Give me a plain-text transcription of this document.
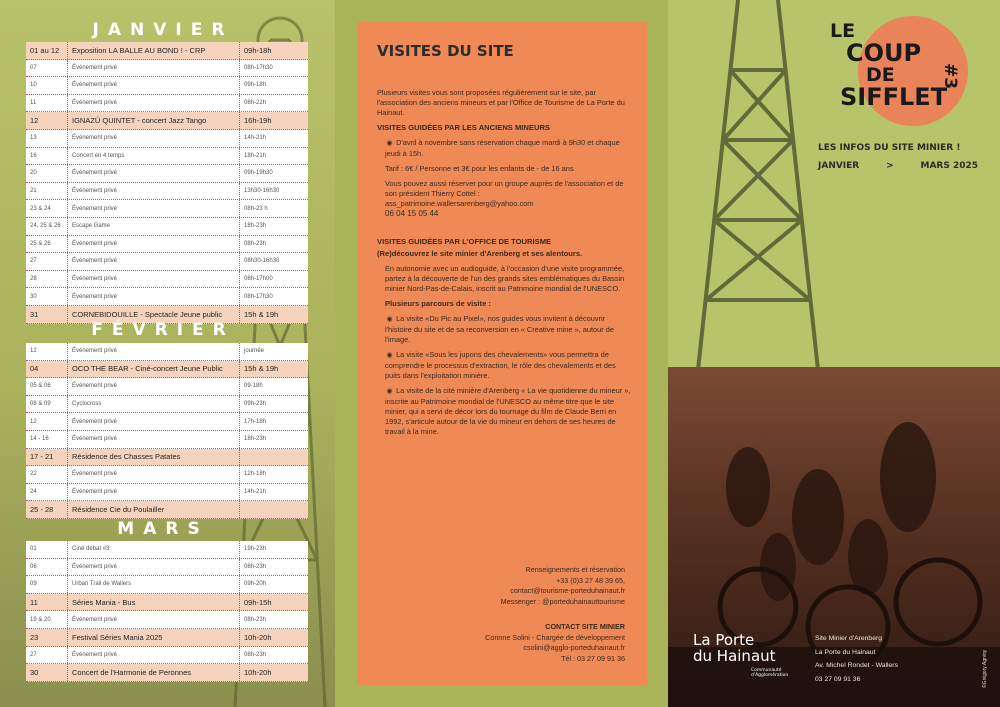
JANVIER
01 au 12	Exposition LA BALLE AU BOND ! - CRP	09h-18h
07	Événement privé	08h-17h30
10	Événement privé	09h-18h
11	Événement privé	08h-22h
12	IGNAZÚ QUINTET - concert Jazz Tango	16h-19h
13	Événement privé	14h-21h
16	Concert en 4 temps	18h-21h
20	Événement privé	09h-19h30
21	Événement privé	13h30-16h30
23 & 24	Événement privé	08h-23 h
24, 25 & 26	Escape Game	18h-23h
25 & 26	Événement privé	08h-23h
27	Événement privé	08h30-16h30
28	Événement privé	08h-17h00
30	Événement privé	08h-17h30
31	CORNEBIDOUILLE - Spectacle Jeune public	15h & 19h
FÉVRIER
12	Événement privé	journée
04	OCO THE BEAR - Ciné-concert Jeune Public	15h & 19h
05 & 06	Événement privé	09-18h
08 & 09	Cyclocross	09h-23h
12	Événement privé	17h-18h
14 - 16	Événement privé	18h-23h
17 - 21	Résidence des Chasses Patates
22	Événement privé	12h-18h
24	Événement privé	14h-21h
25 - 28	Résidence Cie du Poulailler
MARS
01	Ciné débat #3	19h-23h
06	Événement privé	08h-23h
09	Urban Trail de Wallers	09h-20h
11	Séries Mania - Bus	09h-15h
19 & 20	Événement privé	08h-23h
23	Festival Séries Mania 2025	10h-20h
27	Événement privé	08h-23h
30	Concert de l'Harmonie de Peronnes	10h-20h
VISITES DU SITE

Plusieurs visites vous sont proposées régulièrement sur le site, par l'association des anciens mineurs et par l'Office de Tourisme de La Porte du Hainaut.

VISITES GUIDÉES PAR LES ANCIENS MINEURS

◉ D'avril à novembre sans réservation chaque mardi à 9h30 et chaque jeudi à 15h.

Tarif : 6€ / Personne et 3€ pour les enfants de - de 16 ans

Vous pouvez aussi réserver pour un groupe auprès de l'association et de son président Thierry Cottel :
ass_patrimoine.wallersarenberg@yahoo.com
06 04 15 05 44

VISITES GUIDÉES PAR L'OFFICE DE TOURISME

(Re)découvrez le site minier d'Arenberg et ses alentours.

En autonomie avec un audioguide, à l'occasion d'une visite programmée, partez à la découverte de l'un des grands sites emblématiques du Bassin minier Nord-Pas-de-Calais, inscrit au Patrimoine mondial de l'UNESCO.

Plusieurs parcours de visite :

◉ La visite «Du Pic au Pixel», nos guides vous invitent à découvrir l'histoire du site et de sa reconversion en « Creative mine », autour de l'image.

◉ La visite «Sous les jupons des chevalements» vous permettra de comprendre le processus d'extraction, le rôle des chevalements et des puits dans l'exploitation minière.

◉ La visite de la cité minière d'Arenberg « La vie quotidienne du mineur », inscrite au Patrimoine mondial de l'UNESCO au même titre que le site minier, qui a servi de décor lors du tournage du film de Claude Berri en 1992, s'articule autour de la vie du mineur en dehors de ses heures de travail à la mine.

Renseignements et réservation
+33 (0)3 27 48 39 65,
contact@tourisme-porteduhainaut.fr
Messenger : @porteduhainauttourisme
CONTACT SITE MINIER
Corinne Solini - Chargée de développement
csolini@agglo-porteduhainaut.fr
Tél : 03 27 09 91 36
LE
COUP
DE
SIFFLET
#3
LES INFOS DU SITE MINIER !
JANVIER	>	MARS 2025
La Porte
du Hainaut
Communauté
d'Agglomération
Site Minier d'Arenberg
La Porte du Hainaut
Av. Michel Rondet - Wallers
03 27 09 91 36	©Grégory Agniny
